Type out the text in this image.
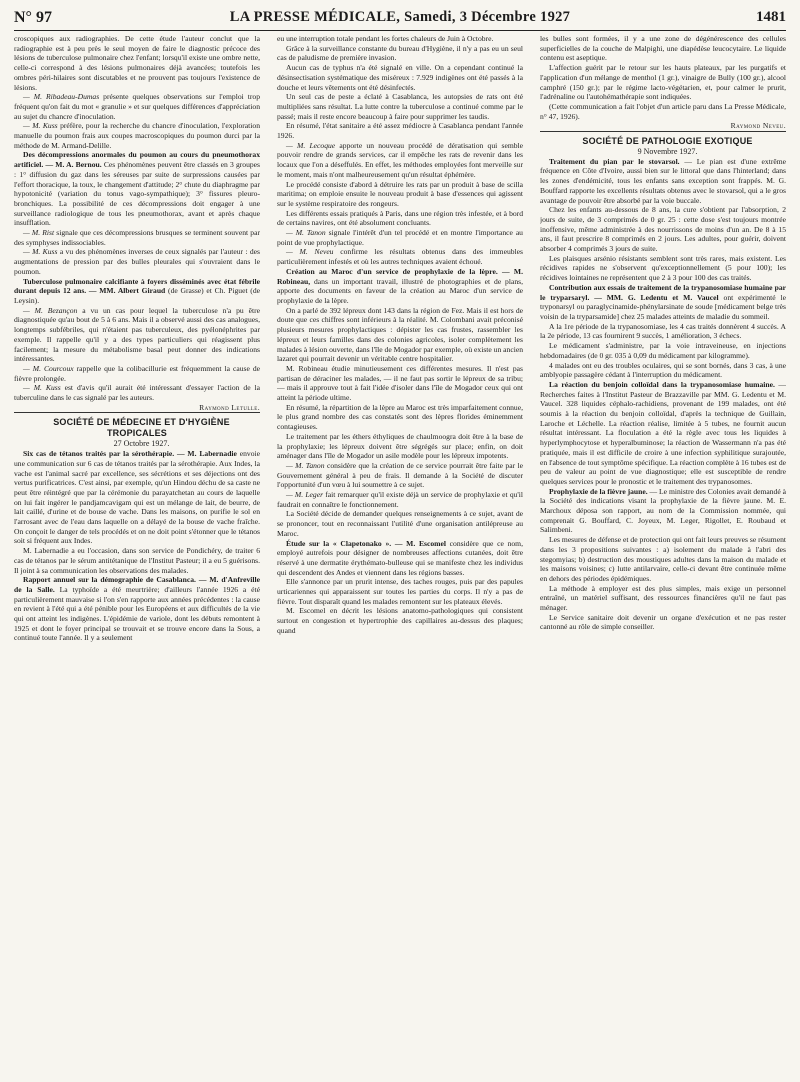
N° 97	LA PRESSE MÉDICALE, Samedi, 3 Décembre 1927	1481

croscopiques aux radiographies. De cette étude l'auteur conclut que la radiographie est à peu près le seul moyen de faire le diagnostic précoce des lésions de tuberculose pulmonaire chez l'enfant; lorsqu'il existe une ombre nette, celle-ci correspond à des lésions pulmonaires déjà avancées; toutefois les ombres péri-hilaires sont discutables et ne prouvent pas toujours l'existence de lésions.

— M. Ribadeau-Dumas présente quelques observations sur l'emploi trop fréquent qu'on fait du mot « granulie » et sur quelques différences d'appréciation au sujet du chancre d'inoculation.

— M. Kuss préfère, pour la recherche du chancre d'inoculation, l'exploration manuelle du poumon frais aux coupes macroscopiques du poumon durci par la méthode de M. Armand-Delille.

Des décompressions anormales du poumon au cours du pneumothorax artificiel. — M. A. Bernou. Ces phénomènes peuvent être classés en 3 groupes : 1° diffusion du gaz dans les séreuses par suite de surpressions causées par l'effort thoracique, la toux, le changement d'attitude; 2° chute du diaphragme par hypotonicité (variation du tonus vago-sympathique); 3° fissures pleuro-bronchiques. La possibilité de ces décompressions doit engager à une surveillance radiologique de tous les pneumothorax, avant et après chaque insufflation.

— M. Rist signale que ces décompressions brusques se terminent souvent par des symphyses indissociables.

— M. Kuss a vu des phénomènes inverses de ceux signalés par l'auteur : des augmentations de pression par des bulles pleurales qui s'ouvraient dans le poumon.

Tuberculose pulmonaire calcifiante à foyers disséminés avec état fébrile durant depuis 12 ans. — MM. Albert Giraud (de Grasse) et Ch. Piguet (de Leysin).

— M. Bezançon a vu un cas pour lequel la tuberculose n'a pu être diagnostiquée qu'au bout de 5 à 6 ans. Mais il a observé aussi des cas analogues, longtemps subfébriles, qui n'étaient pas tuberculeux, des pyélonéphrites par exemple. Il rappelle qu'il y a des types particuliers qui réagissent plus facilement; la mesure du métabolisme basal peut donner des indications intéressantes.

— M. Courcoux rappelle que la colibacillurie est fréquemment la cause de fièvre prolongée.

— M. Kuss est d'avis qu'il aurait été intéressant d'essayer l'action de la tuberculine dans le cas signalé par les auteurs.

Raymond Letulle.

SOCIÉTÉ DE MÉDECINE ET D'HYGIÈNE TROPICALES

27 Octobre 1927.

Six cas de tétanos traités par la sérothérapie. — M. Labernadie envoie une communication sur 6 cas de tétanos traités par la sérothérapie. Aux Indes, la vache est l'animal sacré par excellence, ses sécrétions et ses déjections ont des vertus purificatrices. C'est ainsi, par exemple, qu'un Hindou déchu de sa caste ne peut être réintégré que par la cérémonie du parayatchetan au cours de laquelle on lui fait ingérer le pandjamcavigam qui est un mélange de lait, de beurre, de lait caillé, d'urine et de bouse de vache. Dans les maisons, on purifie le sol en l'arrosant avec de l'eau dans laquelle on a délayé de la bouse de vache fraîche. On conçoit le danger de tels procédés et on ne doit point s'étonner que le tétanos soit si fréquent aux Indes.

M. Labernadie a eu l'occasion, dans son service de Pondichéry, de traiter 6 cas de tétanos par le sérum antitétanique de l'Institut Pasteur; il a eu 5 guérisons. Il joint à sa communication les observations des malades.

Rapport annuel sur la démographie de Casablanca. — M. d'Anfreville de la Salle. La typhoïde a été meurtrière; d'ailleurs l'année 1926 a été particulièrement mauvaise si l'on s'en rapporte aux années précédentes : la cause en revient à l'été qui a été pénible pour les Européens et aux difficultés de la vie qui ont atteint les indigènes. L'épidémie de variole, dont les débuts remontent à 1925 et dont le foyer principal se trouvait et se trouve encore dans la Sous, a continué toute l'année. Il y a seulement

eu une interruption totale pendant les fortes chaleurs de Juin à Octobre.

Grâce à la surveillance constante du bureau d'Hygiène, il n'y a pas eu un seul cas de paludisme de première invasion.

Aucun cas de typhus n'a été signalé en ville. On a cependant continué la désinsectisation systématique des miséreux : 7.929 indigènes ont été passés à la douche et leurs vêtements ont été désinfectés.

Un seul cas de peste a éclaté à Casablanca, les autopsies de rats ont été multipliées sans résultat. La lutte contre la tuberculose a continué comme par le passé; mais il reste encore beaucoup à faire pour supprimer les taudis.

En résumé, l'état sanitaire a été assez médiocre à Casablanca pendant l'année 1926.

— M. Lecoque apporte un nouveau procédé de dératisation qui semble pouvoir rendre de grands services, car il empêche les rats de revenir dans les locaux que l'on a déseffulés. En effet, les méthodes employées font merveille sur le moment, mais n'ont malheureusement qu'un résultat éphémère.

Le procédé consiste d'abord à détruire les rats par un produit à base de scilla maritima; on emploie ensuite le nouveau produit à base d'essences qui agissent sur le système respiratoire des rongeurs.

Les différents essais pratiqués à Paris, dans une région très infestée, et à bord de certains navires, ont été absolument concluants.

— M. Tanon signale l'intérêt d'un tel procédé et en montre l'importance au point de vue prophylactique.

— M. Neveu confirme les résultats obtenus dans des immeubles particulièrement infestés et où les autres techniques avaient échoué.

Création au Maroc d'un service de prophylaxie de la lèpre. — M. Robineau, dans un important travail, illustré de photographies et de plans, apporte des documents en faveur de la création au Maroc d'un service de prophylaxie de la lèpre.

On a parlé de 392 lépreux dont 143 dans la région de Fez. Mais il est hors de doute que ces chiffres sont inférieurs à la réalité. M. Colombani avait préconisé plusieurs mesures prophylactiques : dépister les cas frustes, rassembler les lépreux et leurs familles dans des colonies agricoles, isoler complètement les malades à lésion ouverte, dans l'île de Mogador par exemple, où existe un ancien lazaret qui pourrait devenir un véritable centre hospitalier.

M. Robineau étudie minutieusement ces différentes mesures. Il n'est pas partisan de déraciner les malades, — il ne faut pas sortir le lépreux de sa tribu; — mais il approuve tout à fait l'idée d'isoler dans l'île de Mogador ceux qui ont atteint la période ultime.

En résumé, la répartition de la lèpre au Maroc est très imparfaitement connue, le plus grand nombre des cas constatés sont des lèpres florides éminemment contagieuses.

Le traitement par les éthers éthyliques de chaulmoogra doit être à la base de la prophylaxie; les lépreux doivent être ségrégés sur place; enfin, on doit aménager dans l'île de Mogador un asile modèle pour les lépreux impotents.

— M. Tanon considère que la création de ce service pourrait être faite par le Gouvernement général à peu de frais. Il demande à la Société de discuter l'opportunité d'un vœu à lui soumettre à ce sujet.

— M. Leger fait remarquer qu'il existe déjà un service de prophylaxie et qu'il faudrait en connaître le fonctionnement.

La Société décide de demander quelques renseignements à ce sujet, avant de se prononcer, tout en reconnaissant l'utilité d'une organisation antilépreuse au Maroc.

Étude sur la « Clapetonako ». — M. Escomel considère que ce nom, employé autrefois pour désigner de nombreuses affections cutanées, doit être réservé à une dermatite érythémato-bulleuse qui se manifeste chez les individus qui descendent des Andes et viennent dans les régions basses.

Elle s'annonce par un prurit intense, des taches rouges, puis par des papules urticariennes qui apparaissent sur toutes les parties du corps. Il n'y a pas de fièvre. Tout disparaît quand les malades remontent sur les plateaux élevés.

M. Escomel en décrit les lésions anatomo-pathologiques qui consistent surtout en congestion et hypertrophie des capillaires au-dessus des plaques; quand

les bulles sont formées, il y a une zone de dégénérescence des cellules superficielles de la couche de Malpighi, une diapédèse leucocytaire. Le liquide contenu est aseptique.

L'affection guérit par le retour sur les hauts plateaux, par les purgatifs et l'application d'un mélange de menthol (1 gr.), vinaigre de Bully (100 gr.), alcool camphré (150 gr.); par le régime lacto-végétarien, et, pour calmer le prurit, l'adrénaline ou l'autohémathérapie sont indiquées.

(Cette communication a fait l'objet d'un article paru dans La Presse Médicale, n° 47, 1926).

Raymond Neveu.

SOCIÉTÉ DE PATHOLOGIE EXOTIQUE

9 Novembre 1927.

Traitement du pian par le stovarsol. — Le pian est d'une extrême fréquence en Côte d'Ivoire, aussi bien sur le littoral que dans l'hinterland; dans les zones d'endémicité, tous les enfants sans exception sont frappés. M. G. Bouffard rapporte les excellents résultats obtenus avec le stovarsol, qui a le gros avantage de pouvoir être absorbé par la voie buccale.

Chez les enfants au-dessous de 8 ans, la cure s'obtient par l'absorption, 2 jours de suite, de 3 comprimés de 0 gr. 25 : cette dose s'est toujours montrée inoffensive, même administrée à des nourrissons de moins d'un an. De 8 à 15 ans, il faut prescrire 8 comprimés en 2 jours. Les adultes, pour guérir, doivent absorber 4 comprimés 3 jours de suite.

Les plaisques arsénio résistants semblent sont très rares, mais existent. Les récidives rapides ne s'observent qu'exceptionnellement (5 pour 100); les récidives lointaines ne représentent que 2 à 3 pour 100 des cas traités.

Contribution aux essais de traitement de la trypanosomiase humaine par le tryparsaryl. — MM. G. Ledentu et M. Vaucel ont expérimenté le tryponarsyl ou paraglycinamide-phénylarsinate de soude [médicament belge très voisin de la tryparsamide] chez 25 malades atteints de maladie du sommeil.

A la 1re période de la trypanosomiase, les 4 cas traités donnèrent 4 succès. A la 2e période, 13 cas fournirent 9 succès, 1 amélioration, 3 échecs.

Le médicament s'administre, par la voie intraveineuse, en injections hebdomadaires (de 0 gr. 035 à 0,09 du médicament par kilogramme).

4 malades ont eu des troubles oculaires, qui se sont bornés, dans 3 cas, à une amblyopie passagère cédant à l'interruption du médicament.

La réaction du benjoin colloïdal dans la trypanosomiase humaine. — Recherches faites à l'Institut Pasteur de Brazzaville par MM. G. Ledentu et M. Vaucel. 328 liquides céphalo-rachidiens, provenant de 199 malades, ont été soumis à la réaction du benjoin colloïdal, d'après la technique de Guillain, Laroche et Léchelle. La réaction réalise, limitée à 5 tubes, ne fournit aucun résultat intéressant. La floculation a été la règle avec tous les liquides à hyperlymphocytose et hyperalbuminose; la réaction de Wassermann n'a pas été pratiquée, mais il est difficile de croire à une infection syphilitique surajoutée, en l'absence de tout symptôme spécifique. La réaction complète à 16 tubes est de peu de valeur au point de vue diagnostique; elle est susceptible de rendre quelques services pour le pronostic et le traitement des trypanosomes.

Prophylaxie de la fièvre jaune. — Le ministre des Colonies avait demandé à la Société des indications visant la prophylaxie de la fièvre jaune. M. E. Marchoux déposa son rapport, au nom de la Commission nommée, qui comprenait G. Bouffard, C. Joyeux, M. Leger, Rigollet, E. Roubaud et Salimbeni.

Les mesures de défense et de protection qui ont fait leurs preuves se résument dans les 3 propositions suivantes : a) isolement du malade à l'abri des stegomyias; b) destruction des moustiques adultes dans la maison du malade et les maisons voisines; c) lutte antilarvaire, celle-ci devant être continuée même en dehors des périodes épidémiques.

La méthode à employer est des plus simples, mais exige un personnel entraîné, un matériel suffisant, des ressources financières qu'il ne faut pas ménager.

Le Service sanitaire doit devenir un organe d'exécution et ne pas rester cantonné au rôle de simple conseiller.
